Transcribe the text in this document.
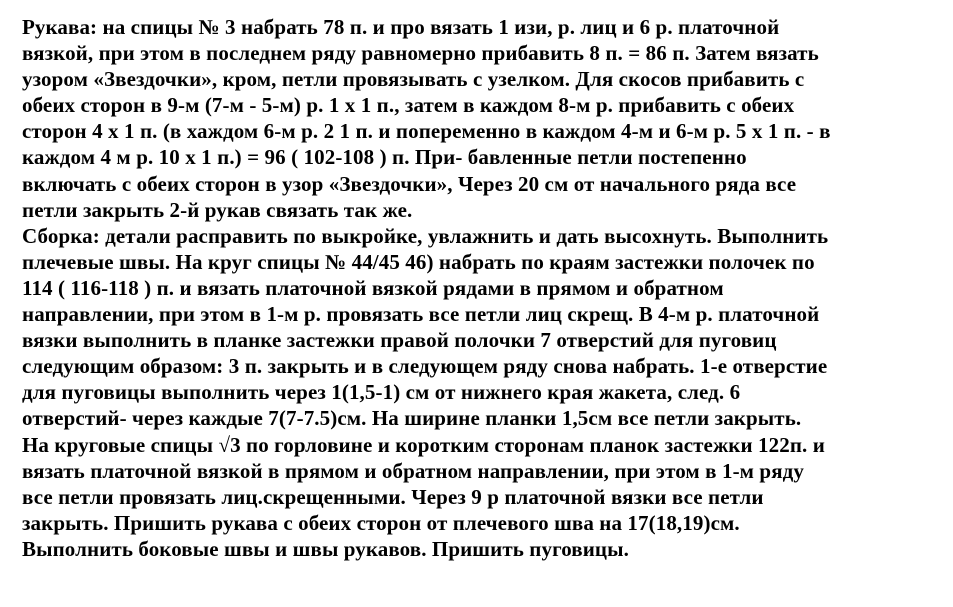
Рукава: на спицы № 3 набрать 78 п. и про вязать 1 изи, р. лиц и 6 р. платочной
вязкой, при этом в последнем ряду равномерно прибавить 8 п. = 86 п. Затем вязать
узором «Звездочки», кром, петли провязывать с узелком. Для скосов прибавить с
обеих сторон в 9-м (7-м - 5-м) р. 1 х 1 п., затем в каждом 8-м р. прибавить с обеих
сторон 4 х 1 п. (в хаждом 6-м р. 2 1 п. и попеременно в каждом 4-м и 6-м р. 5 х 1 п. - в
каждом 4 м р. 10 х 1 п.) = 96 ( 102-108 ) п. При- бавленные петли постепенно
включать с обеих сторон в узор «Звездочки», Через 20 см от начального ряда все
петли закрыть 2-й рукав связать так же.
Сборка: детали расправить по выкройке, увлажнить и дать высохнуть. Выполнить
плечевые швы. На круг спицы № 44/45 46) набрать по краям застежки полочек по
114 ( 116-118 ) п. и вязать платочной вязкой рядами в прямом и обратном
направлении, при этом в 1-м р. провязать все петли лиц скрещ. В 4-м р. платочной
вязки выполнить в планке застежки правой полочки 7 отверстий для пуговиц
следующим образом: 3 п. закрыть и в следующем ряду снова набрать. 1-е отверстие
для пуговицы выполнить через 1(1,5-1) см от нижнего края жакета, след. 6
отверстий- через каждые 7(7-7.5)см. На ширине планки 1,5см все петли закрыть.
На круговые спицы √3 по горловине и коротким сторонам планок застежки 122п. и
вязать платочной вязкой в прямом и обратном направлении, при этом в 1-м ряду
все петли провязать лиц.скрещенными. Через 9 р платочной вязки все петли
закрыть. Пришить рукава с обеих сторон от плечевого шва на 17(18,19)см.
Выполнить боковые швы и швы рукавов. Пришить пуговицы.
